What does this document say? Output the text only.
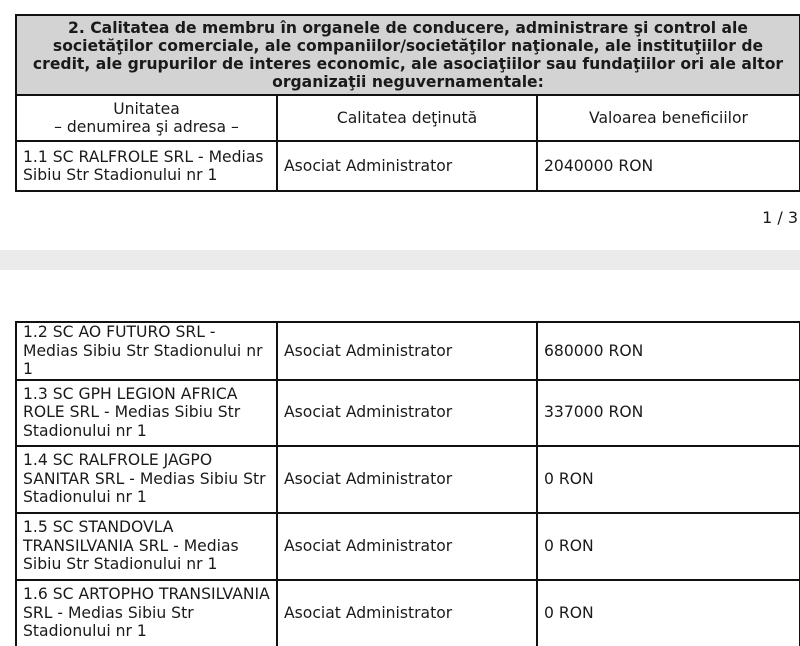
2. Calitatea de membru în organele de conducere, administrare şi control ale societăţilor comerciale, ale companiilor/societăţilor naţionale, ale instituţiilor de credit, ale grupurilor de interes economic, ale asociaţiilor sau fundaţiilor ori ale altor organizaţii neguvernamentale:		

Unitatea
– denumirea şi adresa –	Calitatea deţinută	Valoarea beneficiilor
1.1 SC RALFROLE SRL - Medias Sibiu Str Stadionului nr 1	Asociat Administrator	2040000 RON
1 / 3
1.2 SC AO FUTURO SRL - Medias Sibiu Str Stadionului nr 1	Asociat Administrator	680000 RON
1.3 SC GPH LEGION AFRICA ROLE SRL - Medias Sibiu Str Stadionului nr 1	Asociat Administrator	337000 RON
1.4 SC RALFROLE JAGPO SANITAR SRL - Medias Sibiu Str Stadionului nr 1	Asociat Administrator	0 RON
1.5 SC STANDOVLA TRANSILVANIA SRL - Medias Sibiu Str Stadionului nr 1	Asociat Administrator	0 RON
1.6 SC ARTOPHO TRANSILVANIA SRL - Medias Sibiu Str Stadionului nr 1	Asociat Administrator	0 RON
